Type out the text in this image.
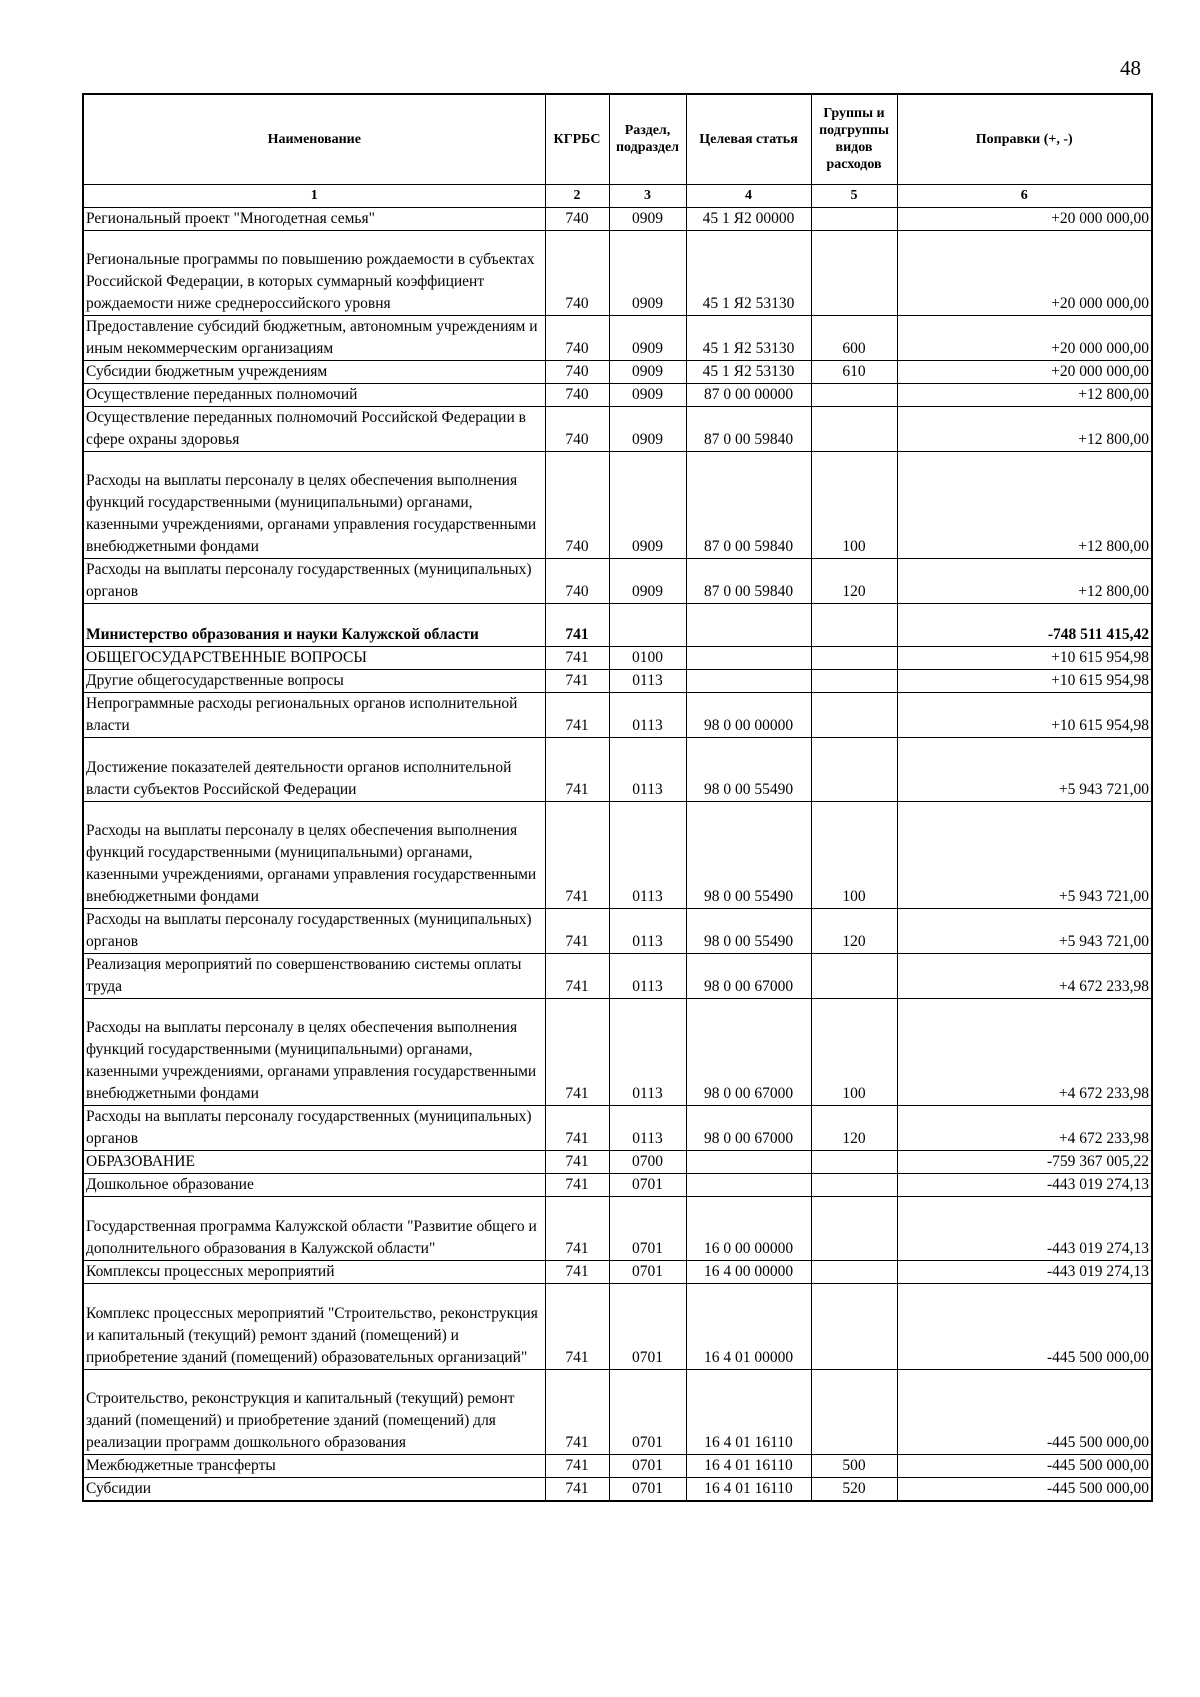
48
Наименование	КГРБС	Раздел, подраздел	Целевая статья	Группы и подгруппы видов расходов	Поправки (+, -)
1	2	3	4	5	6
Региональный проект "Многодетная семья"	740	0909	45 1 Я2 00000		+20 000 000,00
Региональные программы по повышению рождаемости в субъектах Российской Федерации, в которых суммарный коэффициент рождаемости ниже среднероссийского уровня	740	0909	45 1 Я2 53130		+20 000 000,00
Предоставление субсидий бюджетным, автономным учреждениям и иным некоммерческим организациям	740	0909	45 1 Я2 53130	600	+20 000 000,00
Субсидии бюджетным учреждениям	740	0909	45 1 Я2 53130	610	+20 000 000,00
Осуществление переданных полномочий	740	0909	87 0 00 00000		+12 800,00
Осуществление переданных полномочий Российской Федерации в сфере охраны здоровья	740	0909	87 0 00 59840		+12 800,00
Расходы на выплаты персоналу в целях обеспечения выполнения функций государственными (муниципальными) органами, казенными учреждениями, органами управления государственными внебюджетными фондами	740	0909	87 0 00 59840	100	+12 800,00
Расходы на выплаты персоналу государственных (муниципальных) органов	740	0909	87 0 00 59840	120	+12 800,00
Министерство образования и науки Калужской области	741				-748 511 415,42
ОБЩЕГОСУДАРСТВЕННЫЕ ВОПРОСЫ	741	0100			+10 615 954,98
Другие общегосударственные вопросы	741	0113			+10 615 954,98
Непрограммные расходы региональных органов исполнительной власти	741	0113	98 0 00 00000		+10 615 954,98
Достижение показателей деятельности органов исполнительной власти субъектов Российской Федерации	741	0113	98 0 00 55490		+5 943 721,00
Расходы на выплаты персоналу в целях обеспечения выполнения функций государственными (муниципальными) органами, казенными учреждениями, органами управления государственными внебюджетными фондами	741	0113	98 0 00 55490	100	+5 943 721,00
Расходы на выплаты персоналу государственных (муниципальных) органов	741	0113	98 0 00 55490	120	+5 943 721,00
Реализация мероприятий по совершенствованию системы оплаты труда	741	0113	98 0 00 67000		+4 672 233,98
Расходы на выплаты персоналу в целях обеспечения выполнения функций государственными (муниципальными) органами, казенными учреждениями, органами управления государственными внебюджетными фондами	741	0113	98 0 00 67000	100	+4 672 233,98
Расходы на выплаты персоналу государственных (муниципальных) органов	741	0113	98 0 00 67000	120	+4 672 233,98
ОБРАЗОВАНИЕ	741	0700			-759 367 005,22
Дошкольное образование	741	0701			-443 019 274,13
Государственная программа Калужской области "Развитие общего и дополнительного образования в Калужской области"	741	0701	16 0 00 00000		-443 019 274,13
Комплексы процессных мероприятий	741	0701	16 4 00 00000		-443 019 274,13
Комплекс процессных мероприятий "Строительство, реконструкция и капитальный (текущий) ремонт зданий (помещений) и приобретение зданий (помещений) образовательных организаций"	741	0701	16 4 01 00000		-445 500 000,00
Строительство, реконструкция и капитальный (текущий) ремонт зданий (помещений) и приобретение зданий (помещений) для реализации программ дошкольного образования	741	0701	16 4 01 16110		-445 500 000,00
Межбюджетные трансферты	741	0701	16 4 01 16110	500	-445 500 000,00
Субсидии	741	0701	16 4 01 16110	520	-445 500 000,00
